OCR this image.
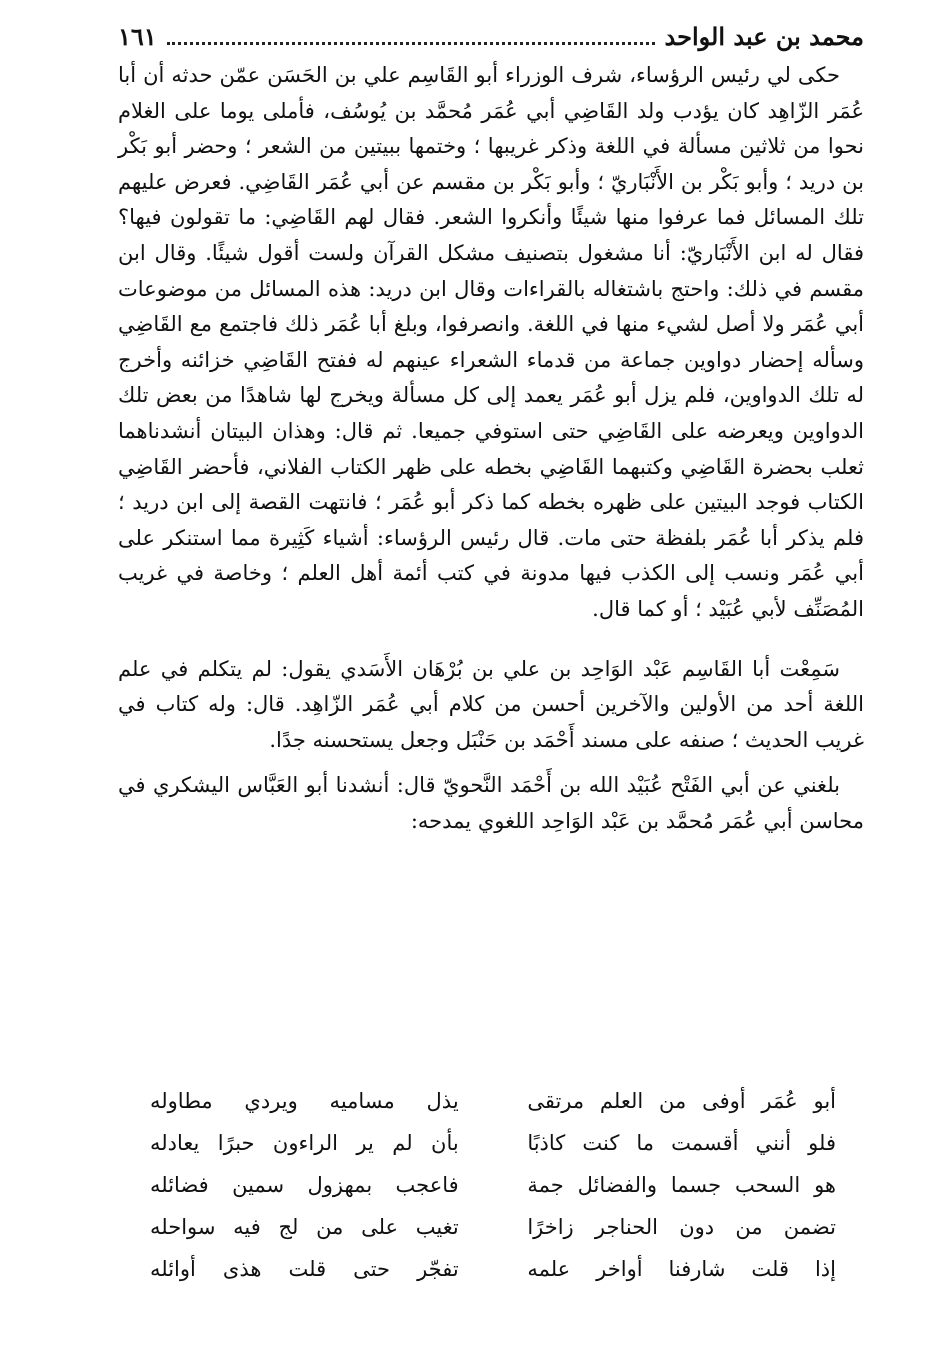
محمد بن عبد الواحد
١٦١

حكى لي رئيس الرؤساء، شرف الوزراء أبو القَاسِم علي بن الحَسَن عمّن حدثه أن أبا عُمَر الزّاهِد كان يؤدب ولد القَاضِي أبي عُمَر مُحمَّد بن يُوسُف، فأملى يوما على الغلام نحوا من ثلاثين مسألة في اللغة وذكر غريبها ؛ وختمها ببيتين من الشعر ؛ وحضر أبو بَكْر بن دريد ؛ وأبو بَكْر بن الأَنْبَاريّ ؛ وأبو بَكْر بن مقسم عن أبي عُمَر القَاضِي. فعرض عليهم تلك المسائل فما عرفوا منها شيئًا وأنكروا الشعر. فقال لهم القَاضِي: ما تقولون فيها؟ فقال له ابن الأَنْبَاريّ: أنا مشغول بتصنيف مشكل القرآن ولست أقول شيئًا. وقال ابن مقسم في ذلك: واحتج باشتغاله بالقراءات وقال ابن دريد: هذه المسائل من موضوعات أبي عُمَر ولا أصل لشيء منها في اللغة. وانصرفوا، وبلغ أبا عُمَر ذلك فاجتمع مع القَاضِي وسأله إحضار دواوين جماعة من قدماء الشعراء عينهم له ففتح القَاضِي خزائنه وأخرج له تلك الدواوين، فلم يزل أبو عُمَر يعمد إلى كل مسألة ويخرج لها شاهدًا من بعض تلك الدواوين ويعرضه على القَاضِي حتى استوفي جميعا. ثم قال: وهذان البيتان أنشدناهما ثعلب بحضرة القَاضِي وكتبهما القَاضِي بخطه على ظهر الكتاب الفلاني، فأحضر القَاضِي الكتاب فوجد البيتين على ظهره بخطه كما ذكر أبو عُمَر ؛ فانتهت القصة إلى ابن دريد ؛ فلم يذكر أبا عُمَر بلفظة حتى مات. قال رئيس الرؤساء: أشياء كَثِيرة مما استنكر على أبي عُمَر ونسب إلى الكذب فيها مدونة في كتب أئمة أهل العلم ؛ وخاصة في غريب المُصَنِّف لأبي عُبَيْد ؛ أو كما قال.

سَمِعْت أبا القَاسِم عَبْد الوَاحِد بن علي بن بُرْهَان الأَسَدي يقول: لم يتكلم في علم اللغة أحد من الأولين والآخرين أحسن من كلام أبي عُمَر الزّاهِد. قال: وله كتاب في غريب الحديث ؛ صنفه على مسند أَحْمَد بن حَنْبَل وجعل يستحسنه جدًا.

بلغني عن أبي الفَتْح عُبَيْد الله بن أَحْمَد النَّحويّ قال: أنشدنا أبو العَبَّاس اليشكري في محاسن أبي عُمَر مُحمَّد بن عَبْد الوَاحِد اللغوي يمدحه:

أبو عُمَر أوفى من العلم مرتقى
يذل مساميه ويردي مطاوله
فلو أنني أقسمت ما كنت كاذبًا
بأن لم ير الراءون حبرًا يعادله
هو السحب جسما والفضائل جمة
فاعجب بمهزول سمين فضائله
تضمن من دون الحناجر زاخرًا
تغيب على من لج فيه سواحله
إذا قلت شارفنا أواخر علمه
تفجّر حتى قلت هذى أوائله
